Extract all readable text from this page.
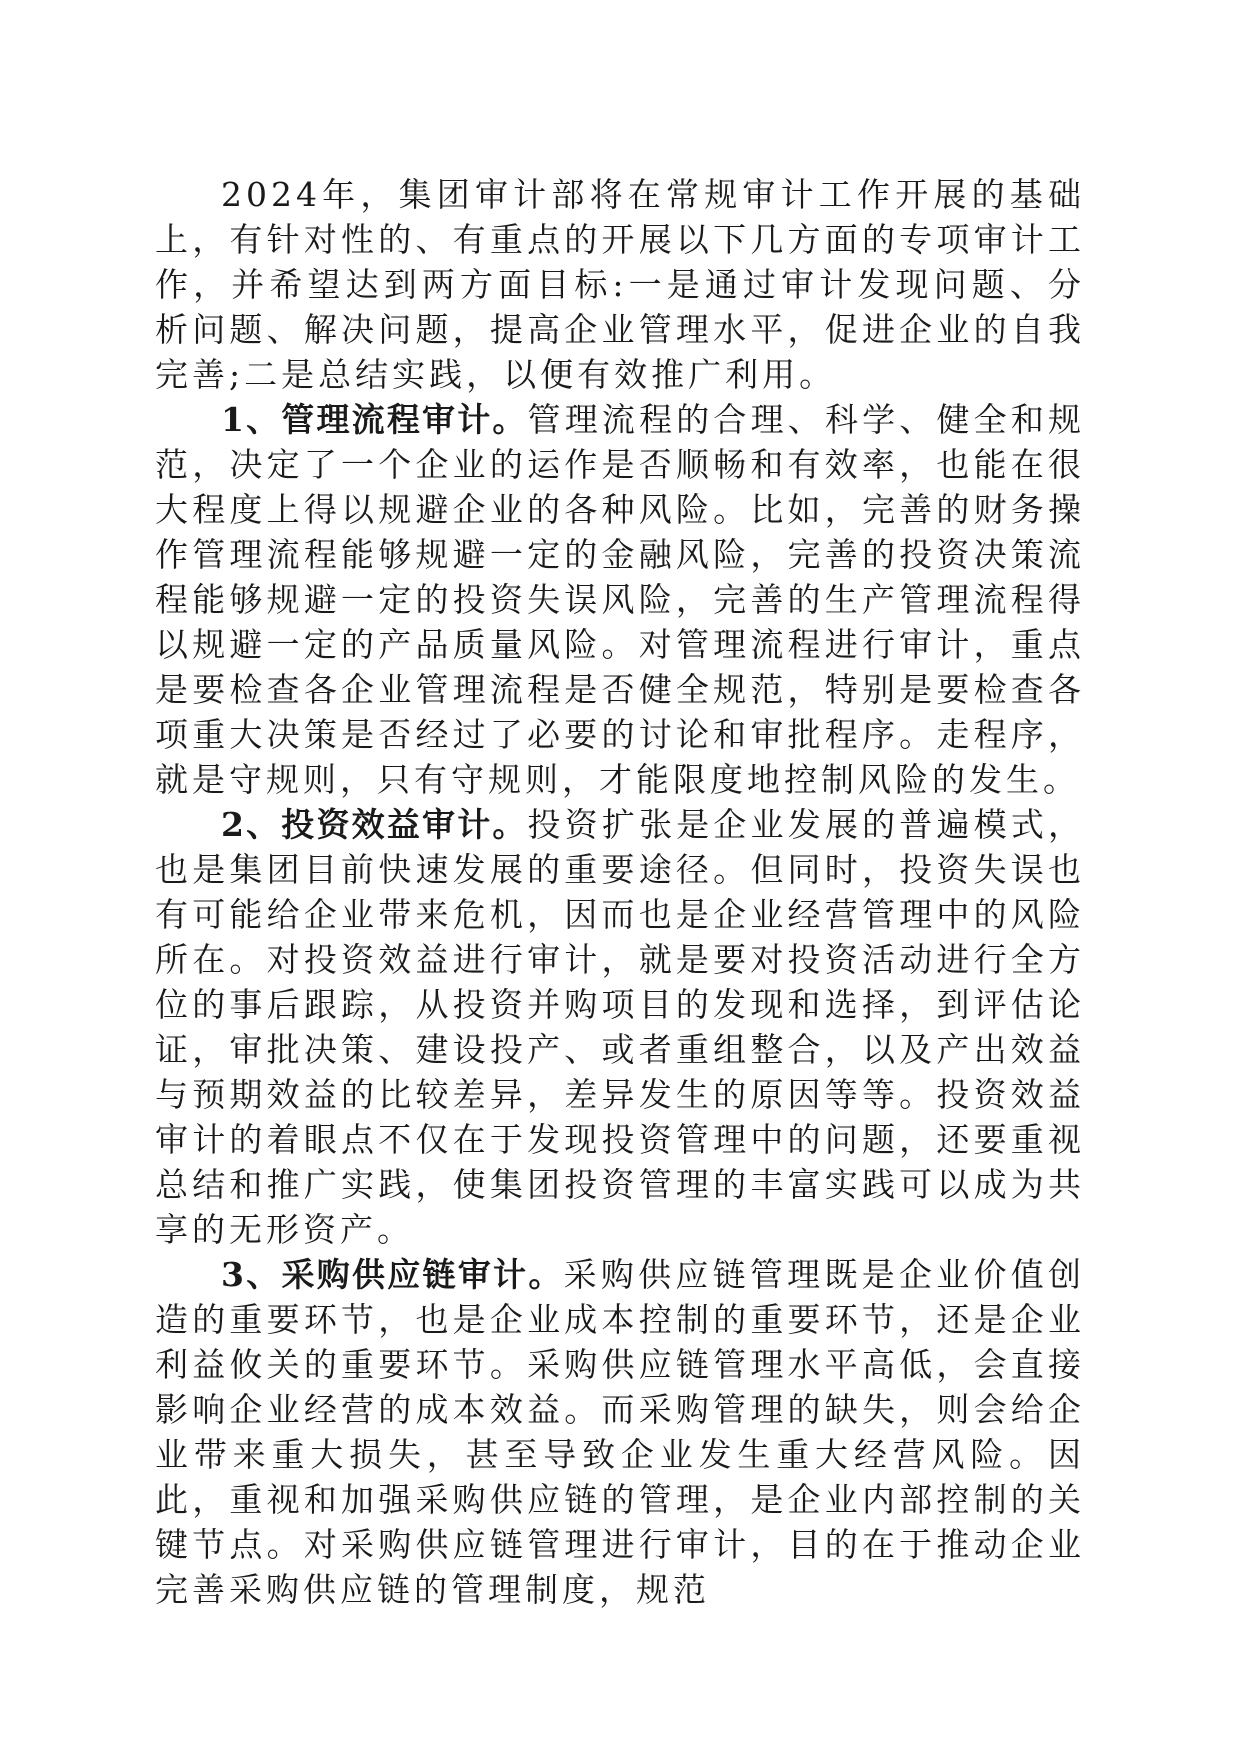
2024年，集团审计部将在常规审计工作开展的基础上，有针对性的、有重点的开展以下几方面的专项审计工作，并希望达到两方面目标:一是通过审计发现问题、分析问题、解决问题，提高企业管理水平，促进企业的自我完善;二是总结实践，以便有效推广利用。

1、管理流程审计。管理流程的合理、科学、健全和规范，决定了一个企业的运作是否顺畅和有效率，也能在很大程度上得以规避企业的各种风险。比如，完善的财务操作管理流程能够规避一定的金融风险，完善的投资决策流程能够规避一定的投资失误风险，完善的生产管理流程得以规避一定的产品质量风险。对管理流程进行审计，重点是要检查各企业管理流程是否健全规范，特别是要检查各项重大决策是否经过了必要的讨论和审批程序。走程序，就是守规则，只有守规则，才能限度地控制风险的发生。

2、投资效益审计。投资扩张是企业发展的普遍模式，也是集团目前快速发展的重要途径。但同时，投资失误也有可能给企业带来危机，因而也是企业经营管理中的风险所在。对投资效益进行审计，就是要对投资活动进行全方位的事后跟踪，从投资并购项目的发现和选择，到评估论证，审批决策、建设投产、或者重组整合，以及产出效益与预期效益的比较差异，差异发生的原因等等。投资效益审计的着眼点不仅在于发现投资管理中的问题，还要重视总结和推广实践，使集团投资管理的丰富实践可以成为共享的无形资产。

3、采购供应链审计。采购供应链管理既是企业价值创造的重要环节，也是企业成本控制的重要环节，还是企业利益攸关的重要环节。采购供应链管理水平高低，会直接影响企业经营的成本效益。而采购管理的缺失，则会给企业带来重大损失，甚至导致企业发生重大经营风险。因此，重视和加强采购供应链的管理，是企业内部控制的关键节点。对采购供应链管理进行审计，目的在于推动企业完善采购供应链的管理制度，规范
